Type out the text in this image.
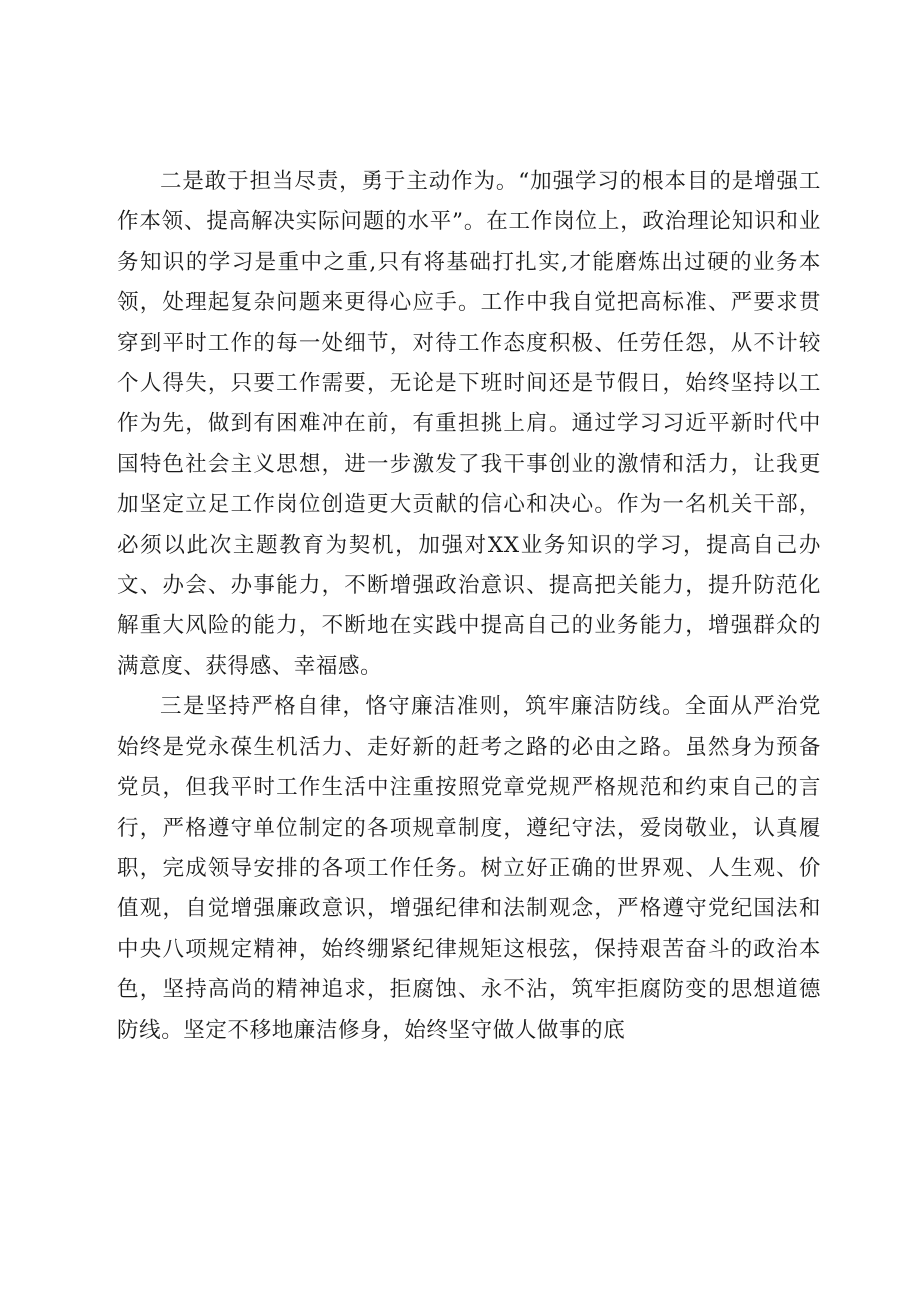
二是敢于担当尽责，勇于主动作为。“加强学习的根本目的是增强工作本领、提高解决实际问题的水平”。在工作岗位上，政治理论知识和业务知识的学习是重中之重,只有将基础打扎实,才能磨炼出过硬的业务本领，处理起复杂问题来更得心应手。工作中我自觉把高标准、严要求贯穿到平时工作的每一处细节，对待工作态度积极、任劳任怨，从不计较个人得失，只要工作需要，无论是下班时间还是节假日，始终坚持以工作为先，做到有困难冲在前，有重担挑上肩。通过学习习近平新时代中国特色社会主义思想，进一步激发了我干事创业的激情和活力，让我更加坚定立足工作岗位创造更大贡献的信心和决心。作为一名机关干部，必须以此次主题教育为契机，加强对XX业务知识的学习，提高自己办文、办会、办事能力，不断增强政治意识、提高把关能力，提升防范化解重大风险的能力，不断地在实践中提高自己的业务能力，增强群众的满意度、获得感、幸福感。

三是坚持严格自律，恪守廉洁准则，筑牢廉洁防线。全面从严治党始终是党永葆生机活力、走好新的赶考之路的必由之路。虽然身为预备党员，但我平时工作生活中注重按照党章党规严格规范和约束自己的言行，严格遵守单位制定的各项规章制度，遵纪守法，爱岗敬业，认真履职，完成领导安排的各项工作任务。树立好正确的世界观、人生观、价值观，自觉增强廉政意识，增强纪律和法制观念，严格遵守党纪国法和中央八项规定精神，始终绷紧纪律规矩这根弦，保持艰苦奋斗的政治本色，坚持高尚的精神追求，拒腐蚀、永不沾，筑牢拒腐防变的思想道德防线。坚定不移地廉洁修身，始终坚守做人做事的底
